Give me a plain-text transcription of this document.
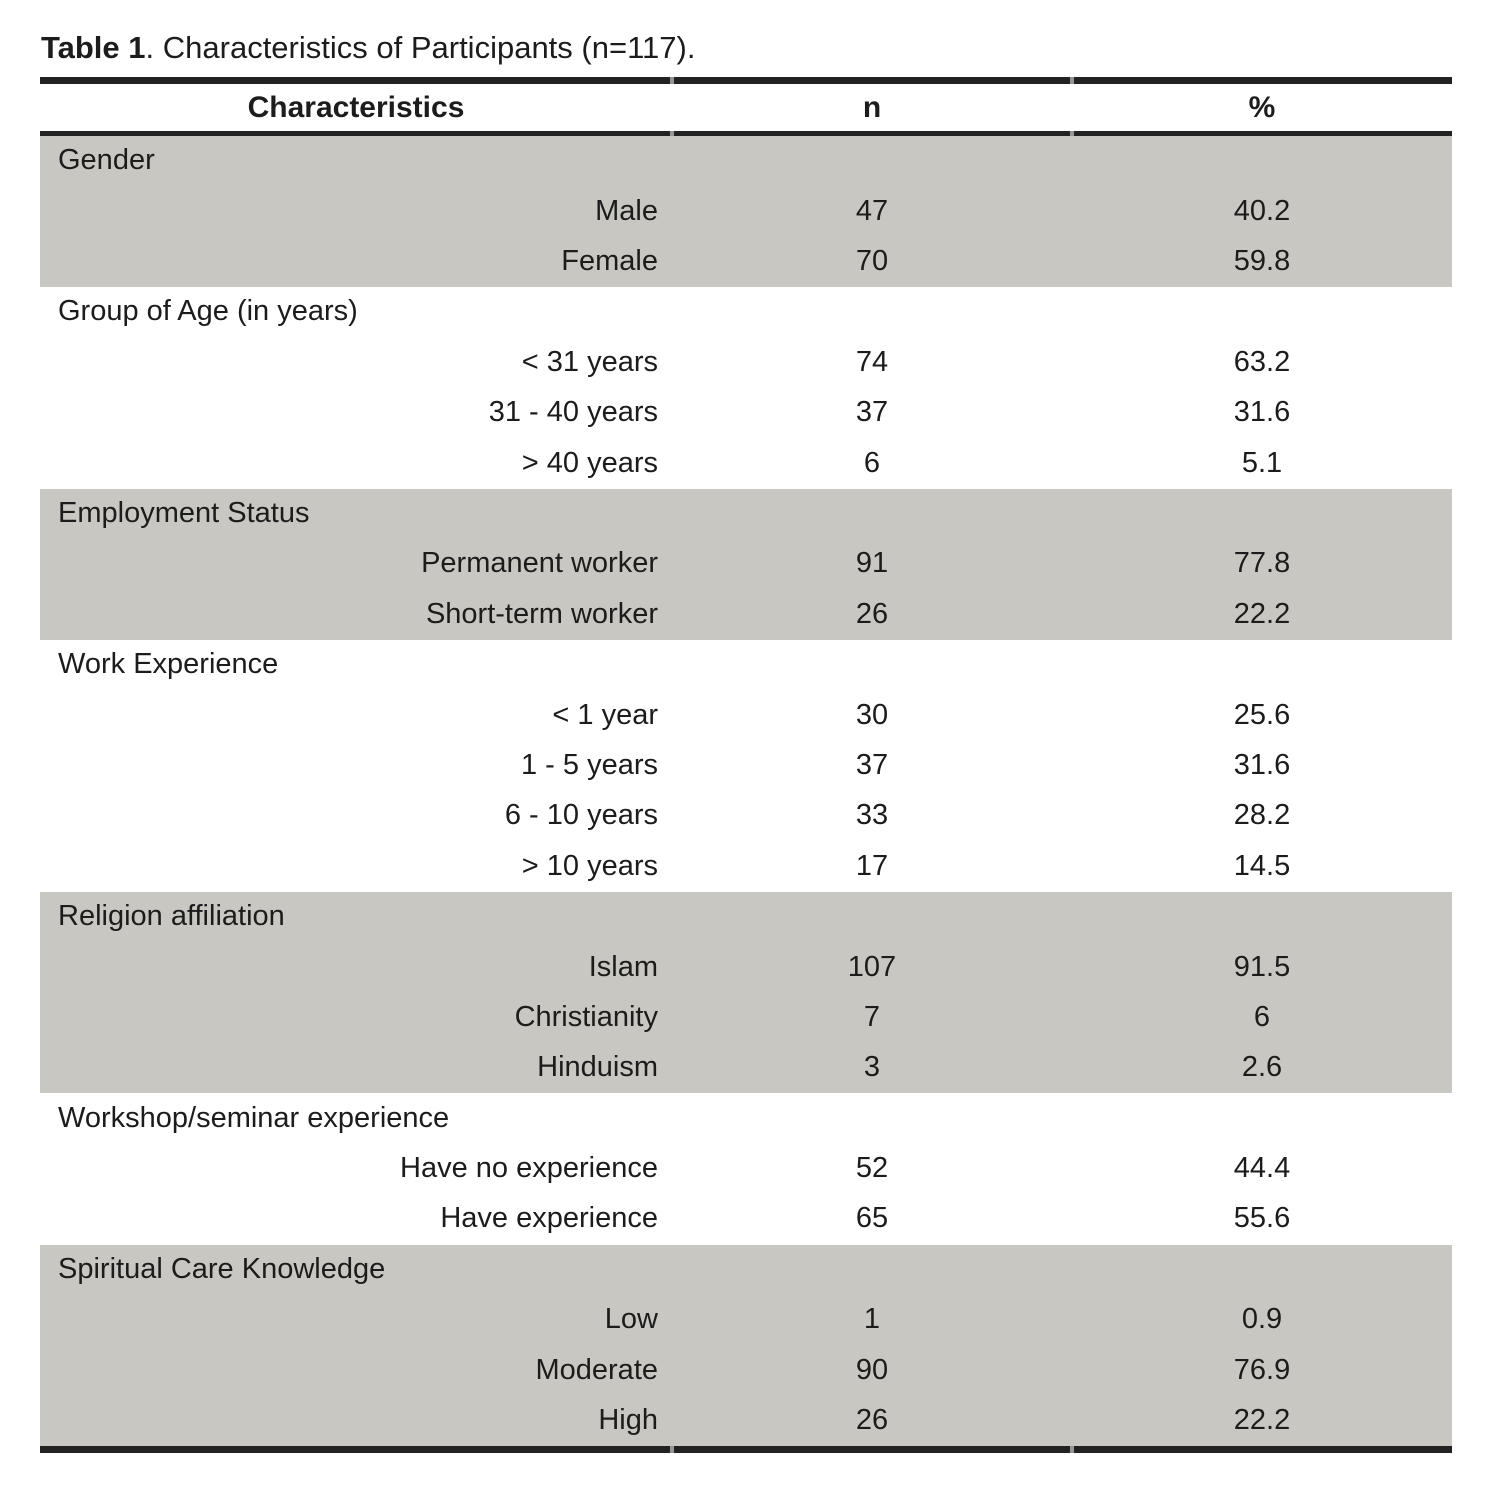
Table 1. Characteristics of Participants (n=117).
Characteristics	n	%
Gender
Male	47	40.2
Female	70	59.8
Group of Age (in years)
< 31 years	74	63.2
31 - 40 years	37	31.6
> 40 years	6	5.1
Employment Status
Permanent worker	91	77.8
Short-term worker	26	22.2
Work Experience
< 1 year	30	25.6
1 - 5 years	37	31.6
6 - 10 years	33	28.2
> 10 years	17	14.5
Religion affiliation
Islam	107	91.5
Christianity	7	6
Hinduism	3	2.6
Workshop/seminar experience
Have no experience	52	44.4
Have experience	65	55.6
Spiritual Care Knowledge
Low	1	0.9
Moderate	90	76.9
High	26	22.2
